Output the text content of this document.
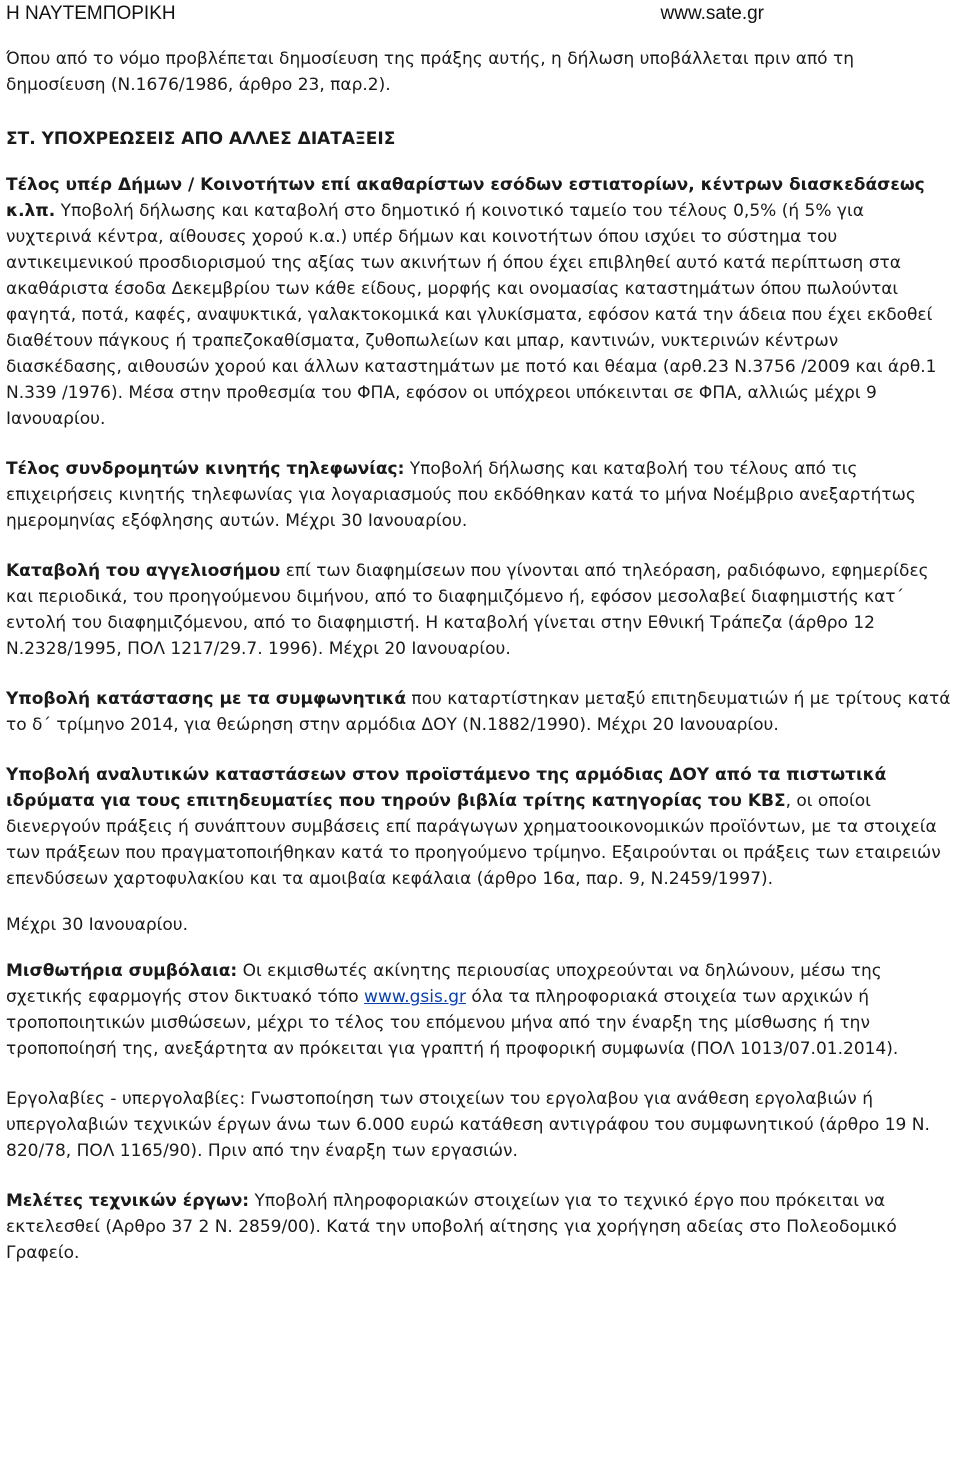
Η ΝΑΥΤΕΜΠΟΡΙΚΗ	www.sate.gr

Όπου από το νόμο προβλέπεται δημοσίευση της πράξης αυτής, η δήλωση υποβάλλεται πριν από τη δημοσίευση (Ν.1676/1986, άρθρο 23, παρ.2).

ΣΤ. ΥΠΟΧΡΕΩΣΕΙΣ ΑΠΟ ΑΛΛΕΣ ΔΙΑΤΑΞΕΙΣ

Τέλος υπέρ Δήμων / Κοινοτήτων επί ακαθαρίστων εσόδων εστιατορίων, κέντρων διασκεδάσεως κ.λπ. Υποβολή δήλωσης και καταβολή στο δημοτικό ή κοινοτικό ταμείο του τέλους 0,5% (ή 5% για νυχτερινά κέντρα, αίθουσες χορού κ.α.) υπέρ δήμων και κοινοτήτων όπου ισχύει το σύστημα του αντικειμενικού προσδιορισμού της αξίας των ακινήτων ή όπου έχει επιβληθεί αυτό κατά περίπτωση στα ακαθάριστα έσοδα Δεκεμβρίου των κάθε είδους, μορφής και ονομασίας καταστημάτων όπου πωλούνται φαγητά, ποτά, καφές, αναψυκτικά, γαλακτοκομικά και γλυκίσματα, εφόσον κατά την άδεια που έχει εκδοθεί διαθέτουν πάγκους ή τραπεζοκαθίσματα, ζυθοπωλείων και μπαρ, καντινών, νυκτερινών κέντρων διασκέδασης, αιθουσών χορού και άλλων καταστημάτων με ποτό και θέαμα (αρθ.23 Ν.3756 /2009 και άρθ.1 Ν.339 /1976). Μέσα στην προθεσμία του ΦΠΑ, εφόσον οι υπόχρεοι υπόκεινται σε ΦΠΑ, αλλιώς μέχρι 9 Ιανουαρίου.

Τέλος συνδρομητών κινητής τηλεφωνίας: Υποβολή δήλωσης και καταβολή του τέλους από τις επιχειρήσεις κινητής τηλεφωνίας για λογαριασμούς που εκδόθηκαν κατά το μήνα Νοέμβριο ανεξαρτήτως ημερομηνίας εξόφλησης αυτών. Μέχρι 30 Ιανουαρίου.

Καταβολή του αγγελιοσήμου επί των διαφημίσεων που γίνονται από τηλεόραση, ραδιόφωνο, εφημερίδες και περιοδικά, του προηγούμενου διμήνου, από το διαφημιζόμενο ή, εφόσον μεσολαβεί διαφημιστής κατ΄ εντολή του διαφημιζόμενου, από το διαφημιστή. Η καταβολή γίνεται στην Εθνική Τράπεζα (άρθρο 12 Ν.2328/1995, ΠΟΛ 1217/29.7. 1996). Μέχρι 20 Ιανουαρίου.

Υποβολή κατάστασης με τα συμφωνητικά που καταρτίστηκαν μεταξύ επιτηδευματιών ή με τρίτους κατά το δ΄ τρίμηνο 2014, για θεώρηση στην αρμόδια ΔΟΥ (Ν.1882/1990). Μέχρι 20 Ιανουαρίου.

Υποβολή αναλυτικών καταστάσεων στον προϊστάμενο της αρμόδιας ΔΟΥ από τα πιστωτικά ιδρύματα για τους επιτηδευματίες που τηρούν βιβλία τρίτης κατηγορίας του ΚΒΣ, οι οποίοι διενεργούν πράξεις ή συνάπτουν συμβάσεις επί παράγωγων χρηματοοικονομικών προϊόντων, με τα στοιχεία των πράξεων που πραγματοποιήθηκαν κατά το προηγούμενο τρίμηνο. Εξαιρούνται οι πράξεις των εταιρειών επενδύσεων χαρτοφυλακίου και τα αμοιβαία κεφάλαια (άρθρο 16α, παρ. 9, Ν.2459/1997).

Μέχρι 30 Ιανουαρίου.

Μισθωτήρια συμβόλαια: Οι εκμισθωτές ακίνητης περιουσίας υποχρεούνται να δηλώνουν, μέσω της σχετικής εφαρμογής στον δικτυακό τόπο www.gsis.gr όλα τα πληροφοριακά στοιχεία των αρχικών ή τροποποιητικών μισθώσεων, μέχρι το τέλος του επόμενου μήνα από την έναρξη της μίσθωσης ή την τροποποίησή της, ανεξάρτητα αν πρόκειται για γραπτή ή προφορική συμφωνία (ΠΟΛ 1013/07.01.2014).

Εργολαβίες - υπεργολαβίες: Γνωστοποίηση των στοιχείων του εργολαβου για ανάθεση εργολαβιών ή υπεργολαβιών τεχνικών έργων άνω των 6.000 ευρώ κατάθεση αντιγράφου του συμφωνητικού (άρθρο 19 Ν. 820/78, ΠΟΛ 1165/90). Πριν από την έναρξη των εργασιών.

Μελέτες τεχνικών έργων: Υποβολή πληροφοριακών στοιχείων για το τεχνικό έργο που πρόκειται να εκτελεσθεί (Αρθρο 37 2 Ν. 2859/00). Κατά την υποβολή αίτησης για χορήγηση αδείας στο Πολεοδομικό Γραφείο.
